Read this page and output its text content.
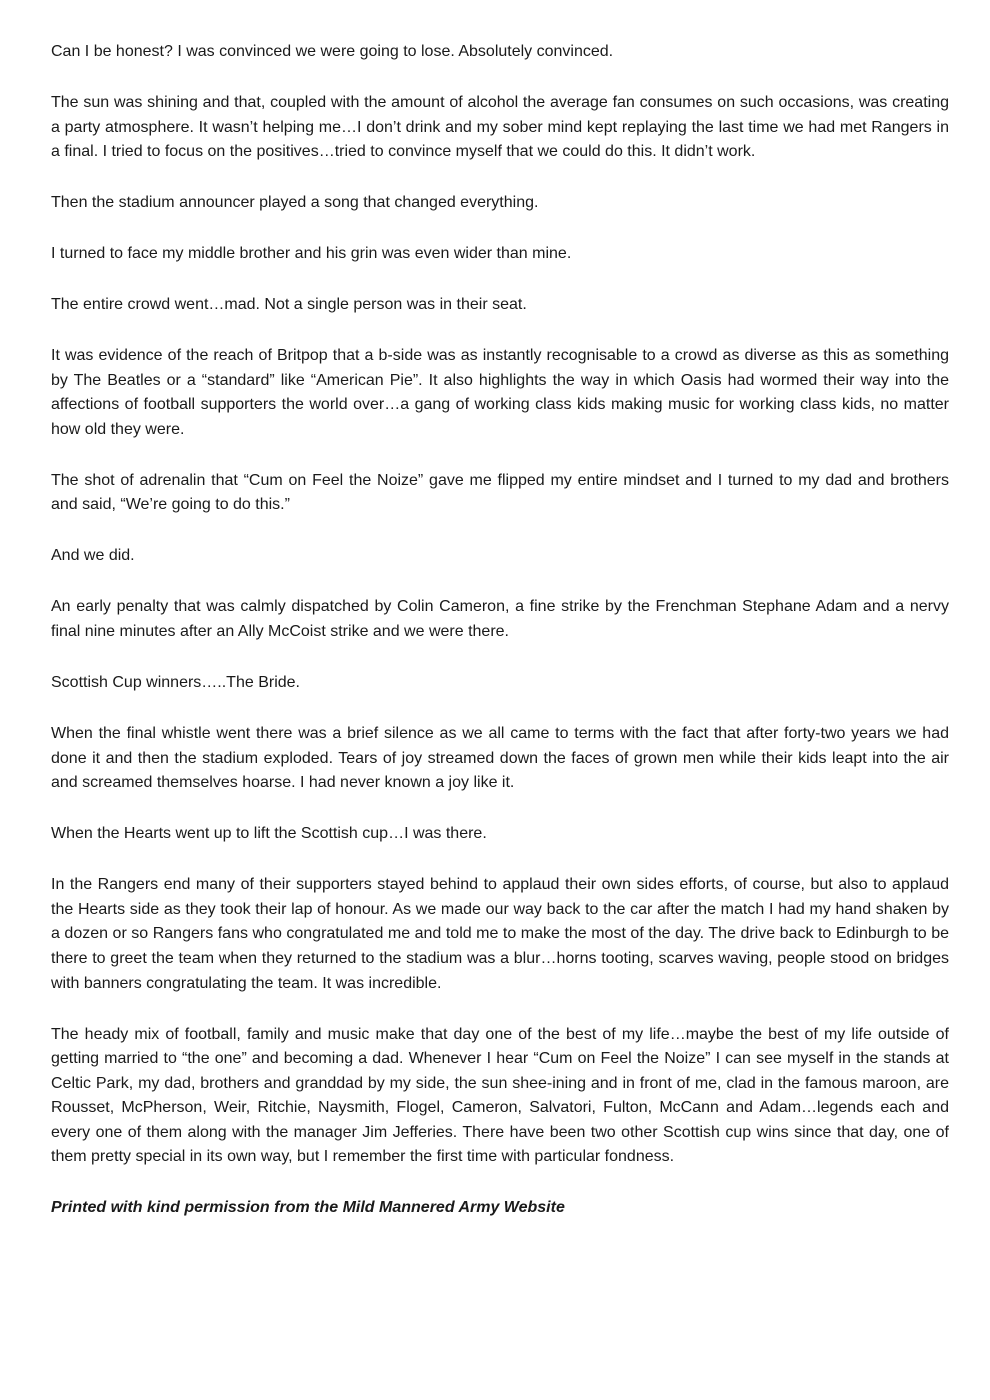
Can I be honest? I was convinced we were going to lose. Absolutely convinced.

The sun was shining and that, coupled with the amount of alcohol the average fan consumes on such occasions, was creating a party atmosphere. It wasn’t helping me…I don’t drink and my sober mind kept replaying the last time we had met Rangers in a final. I tried to focus on the positives…tried to convince myself that we could do this. It didn’t work.

Then the stadium announcer played a song that changed everything.

I turned to face my middle brother and his grin was even wider than mine.

The entire crowd went…mad. Not a single person was in their seat.

It was evidence of the reach of Britpop that a b-side was as instantly recognisable to a crowd as diverse as this as something by The Beatles or a “standard” like “American Pie”. It also highlights the way in which Oasis had wormed their way into the affections of football supporters the world over…a gang of working class kids making music for working class kids, no matter how old they were.

The shot of adrenalin that “Cum on Feel the Noize” gave me flipped my entire mindset and I turned to my dad and brothers and said, “We’re going to do this.”

And we did.

An early penalty that was calmly dispatched by Colin Cameron, a fine strike by the Frenchman Stephane Adam and a nervy final nine minutes after an Ally McCoist strike and we were there.

Scottish Cup winners…..The Bride.

When the final whistle went there was a brief silence as we all came to terms with the fact that after forty-two years we had done it and then the stadium exploded. Tears of joy streamed down the faces of grown men while their kids leapt into the air and screamed themselves hoarse. I had never known a joy like it.

When the Hearts went up to lift the Scottish cup…I was there.

In the Rangers end many of their supporters stayed behind to applaud their own sides efforts, of course, but also to applaud the Hearts side as they took their lap of honour. As we made our way back to the car after the match I had my hand shaken by a dozen or so Rangers fans who congratulated me and told me to make the most of the day. The drive back to Edinburgh to be there to greet the team when they returned to the stadium was a blur…horns tooting, scarves waving, people stood on bridges with banners congratulating the team. It was incredible.

The heady mix of football, family and music make that day one of the best of my life…maybe the best of my life outside of getting married to “the one” and becoming a dad. Whenever I hear “Cum on Feel the Noize” I can see myself in the stands at Celtic Park, my dad, brothers and granddad by my side, the sun shee-ining and in front of me, clad in the famous maroon, are Rousset, McPherson, Weir, Ritchie, Naysmith, Flogel, Cameron, Salvatori, Fulton, McCann and Adam…legends each and every one of them along with the manager Jim Jefferies. There have been two other Scottish cup wins since that day, one of them pretty special in its own way, but I remember the first time with particular fondness.

Printed with kind permission from the Mild Mannered Army Website
